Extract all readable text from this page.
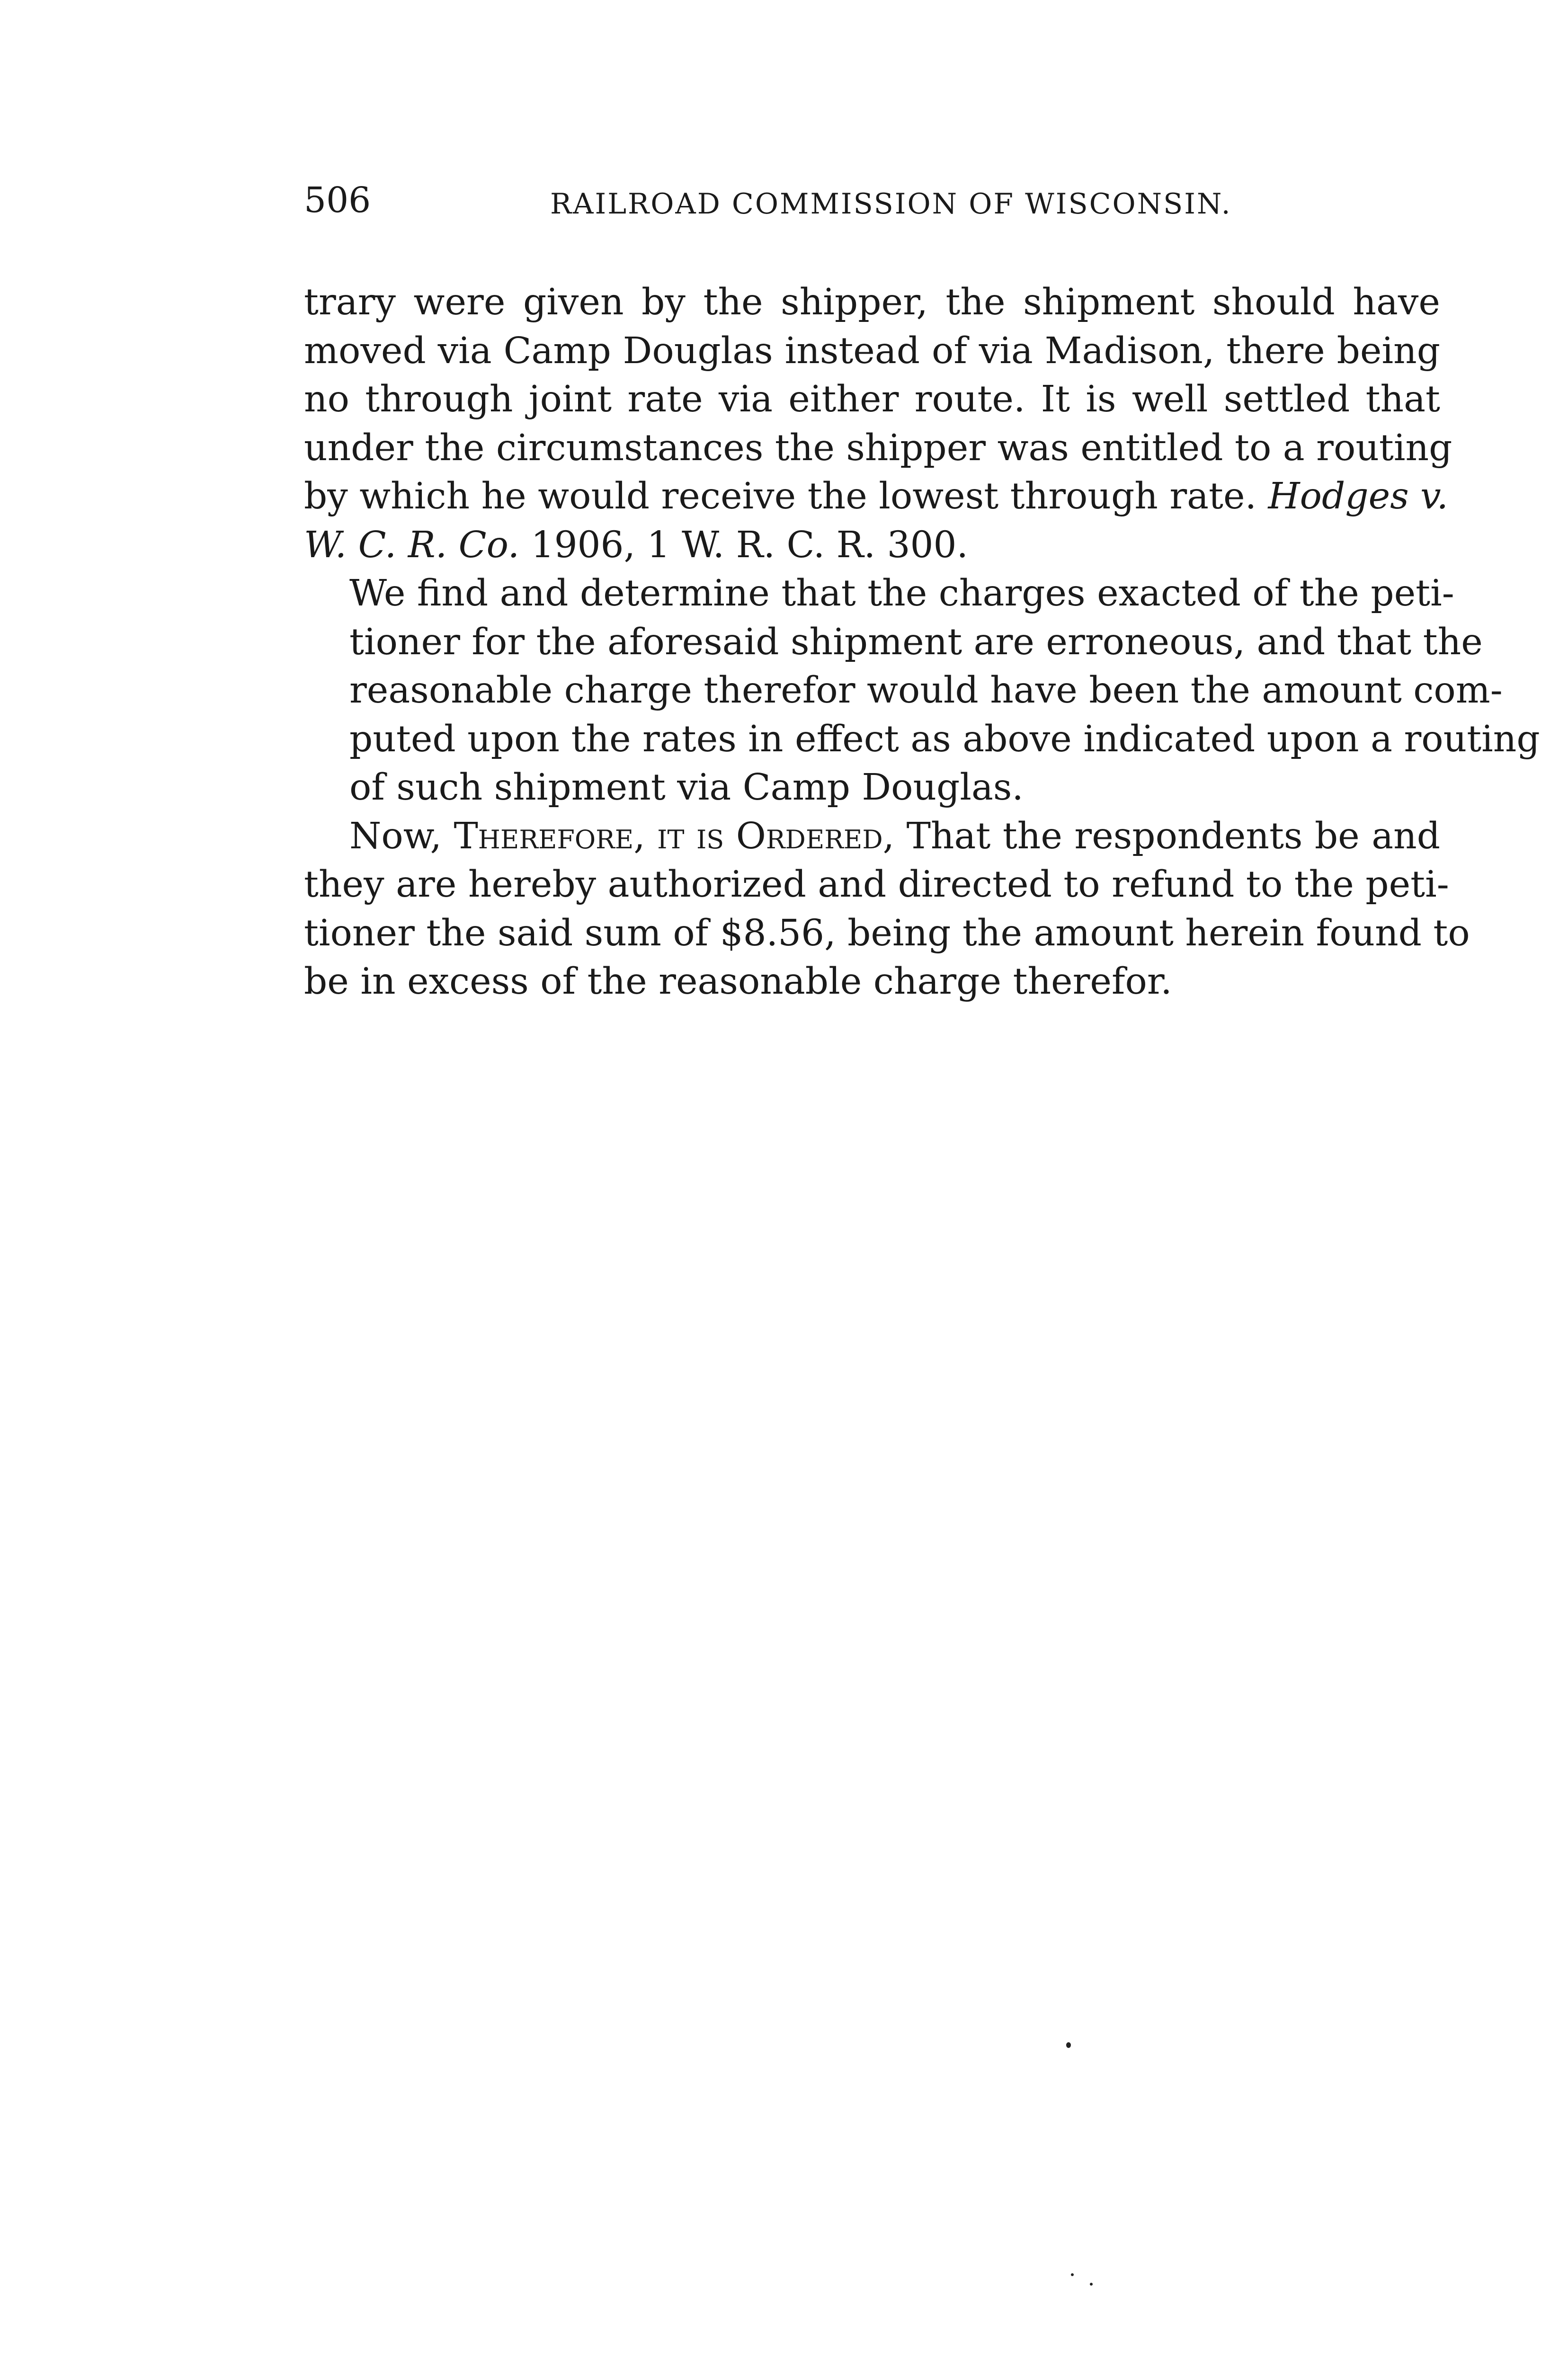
506	RAILROAD COMMISSION OF WISCONSIN.

trary were given by the shipper, the shipment should have
moved via Camp Douglas instead of via Madison, there being
no through joint rate via either route. It is well settled that
under the circumstances the shipper was entitled to a routing
by which he would receive the lowest through rate. Hodges v.
W. C. R. Co. 1906, 1 W. R. C. R. 300.

We find and determine that the charges exacted of the peti-
tioner for the aforesaid shipment are erroneous, and that the
reasonable charge therefor would have been the amount com-
puted upon the rates in effect as above indicated upon a routing
of such shipment via Camp Douglas.

Now, Therefore, it is Ordered, That the respondents be and
they are hereby authorized and directed to refund to the peti-
tioner the said sum of $8.56, being the amount herein found to
be in excess of the reasonable charge therefor.
